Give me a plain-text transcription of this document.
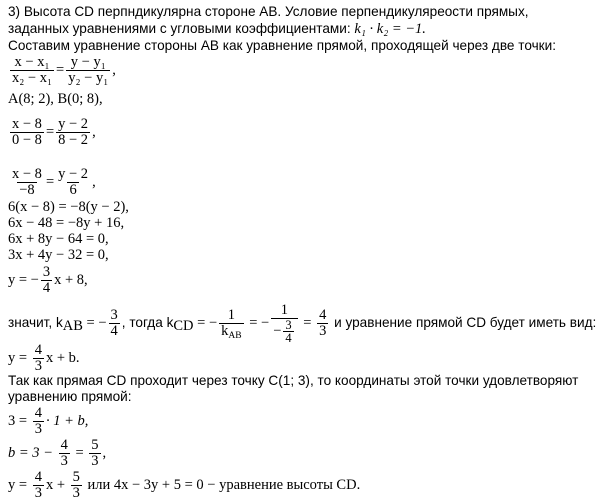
3) Высота CD перпндикулярна стороне AB. Условие перпендикуляреости прямых,
заданных уравнениями с угловыми коэффициентами: k₁ · k₂ = −1.
Составим уравнение стороны AB как уравнение прямой, проходящей через две точки:
$\frac{\text{x − x₁}}{\text{x₂ − x₁}} = \frac{\text{y − y₁}}{\text{y₂ − y₁}}$ ,
A(8; 2), B(0; 8),
$\frac{x - 8}{0 - 8} = \frac{y - 2}{8 - 2}$ ,
$\frac{x - 8}{-8} = \frac{y - 2}{6}$ ,
6(x − 8) = −8(y − 2),
6x − 48 = −8y + 16,
6x + 8y − 64 = 0,
3x + 4y − 32 = 0,
y = − $\frac{3}{4}$ x + 8,
значит, $k_{AB}$ = − $\frac{3}{4}$ , тогда $k_{CD}$ = − $\frac{1}{k_{AB}}$ = − $\frac{1}{- \frac{3}{4}} = \frac{4}{3}$ и уравнение прямой CD будет иметь вид:
$y = \frac{4}{3}$ x + b.
Так как прямая CD проходит через точку C(1; 3), то координаты этой точки удовлетворяют
уравнению прямой:
$3 = \frac{4}{3} \cdot 1 + b$,
$b = 3 - \frac{4}{3} = \frac{5}{3}$ ,
$y = \frac{4}{3}$ $x + \frac{5}{3}$ или 4x − 3y + 5 = 0 − уравнение высоты CD.
